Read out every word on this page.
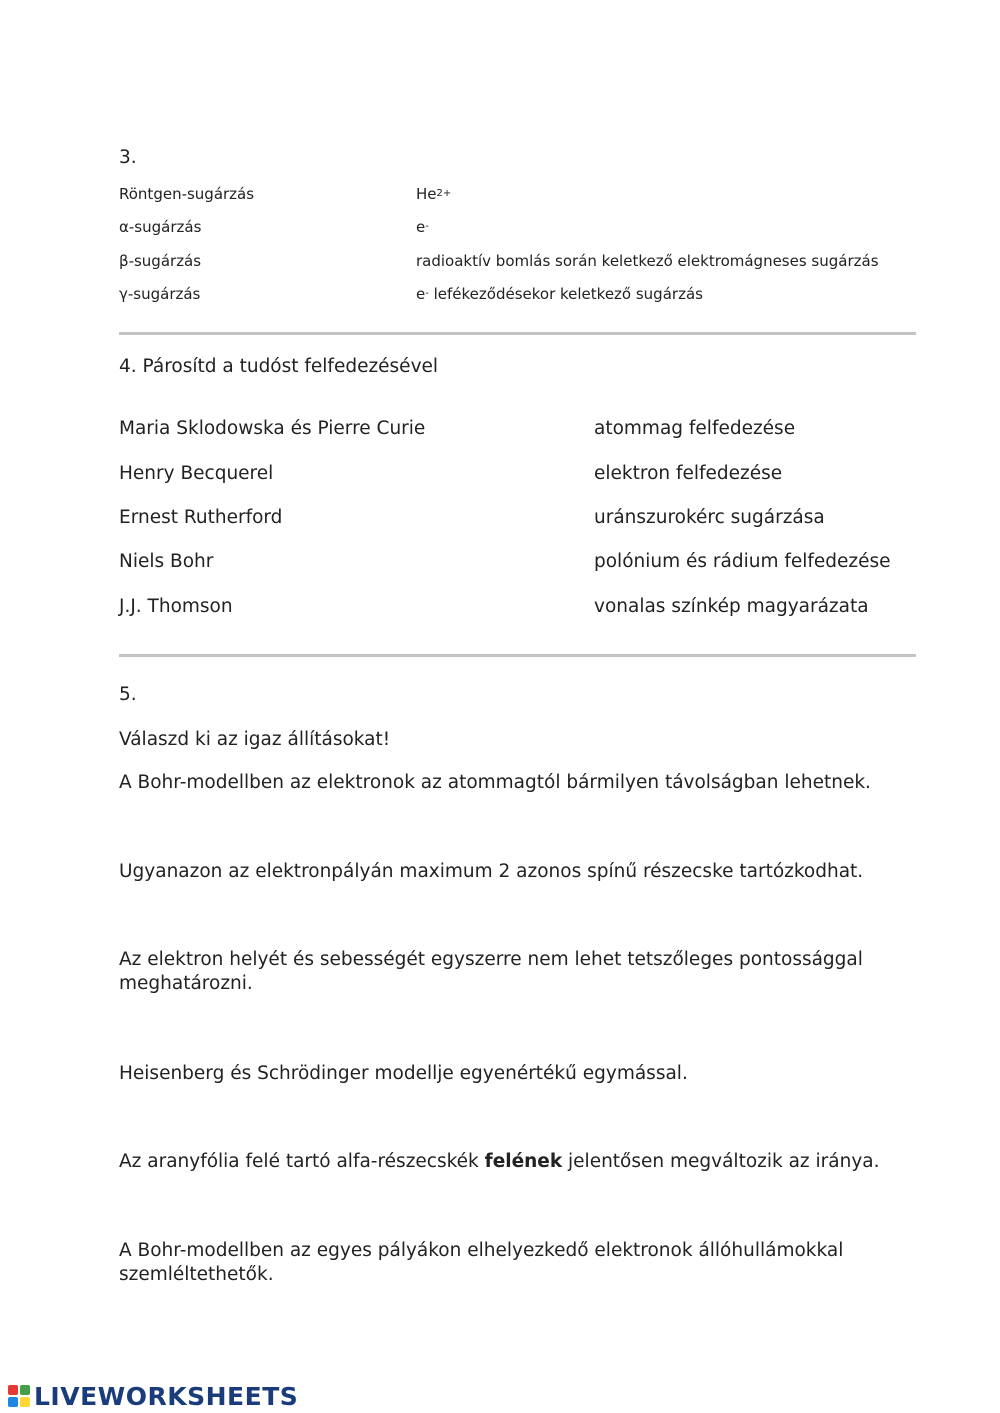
3.
Röntgen-sugárzás
α-sugárzás
β-sugárzás
γ-sugárzás
$He^{2+}$
e-
radioaktív bomlás során keletkező elektromágneses sugárzás
e- lefékeződésekor keletkező sugárzás
4. Párosítd a tudóst felfedezésével
Maria Sklodowska és Pierre Curie
Henry Becquerel
Ernest Rutherford
Niels Bohr
J.J. Thomson
atommag felfedezése
elektron felfedezése
uránszurokérc sugárzása
polónium és rádium felfedezése
vonalas színkép magyarázata
5.
Válaszd ki az igaz állításokat!
A Bohr-modellben az elektronok az atommagtól bármilyen távolságban lehetnek.
Ugyanazon az elektronpályán maximum 2 azonos spínű részecske tartózkodhat.
Az elektron helyét és sebességét egyszerre nem lehet tetszőleges pontossággal meghatározni.
Heisenberg és Schrödinger modellje egyenértékű egymással.
Az aranyfólia felé tartó alfa-részecskék felének jelentősen megváltozik az iránya.
A Bohr-modellben az egyes pályákon elhelyezkedő elektronok állóhullámokkal szemléltethetők.
LIVEWORKSHEETS
